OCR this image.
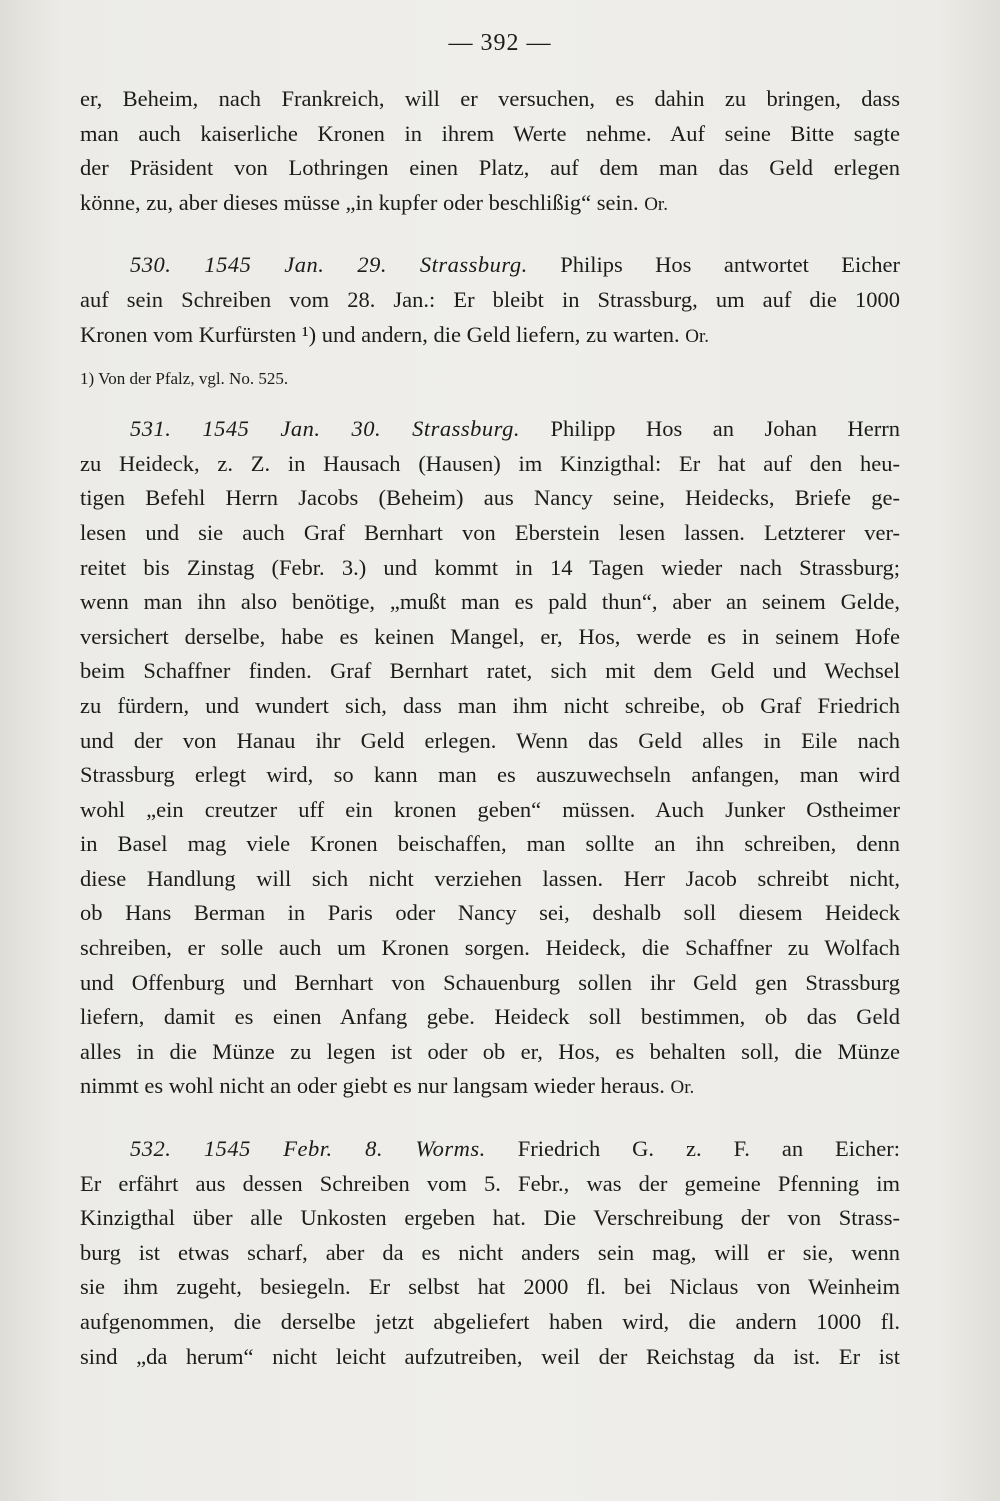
— 392 —
er, Beheim, nach Frankreich, will er versuchen, es dahin zu bringen, dass
man auch kaiserliche Kronen in ihrem Werte nehme. Auf seine Bitte sagte
der Präsident von Lothringen einen Platz, auf dem man das Geld erlegen
könne, zu, aber dieses müsse „in kupfer oder beschlißig“ sein. Or.
530. 1545 Jan. 29. Strassburg. Philips Hos antwortet Eicher
auf sein Schreiben vom 28. Jan.: Er bleibt in Strassburg, um auf die 1000
Kronen vom Kurfürsten ¹) und andern, die Geld liefern, zu warten. Or.
1) Von der Pfalz, vgl. No. 525.
531. 1545 Jan. 30. Strassburg. Philipp Hos an Johan Herrn
zu Heideck, z. Z. in Hausach (Hausen) im Kinzigthal: Er hat auf den heu-
tigen Befehl Herrn Jacobs (Beheim) aus Nancy seine, Heidecks, Briefe ge-
lesen und sie auch Graf Bernhart von Eberstein lesen lassen. Letzterer ver-
reitet bis Zinstag (Febr. 3.) und kommt in 14 Tagen wieder nach Strassburg;
wenn man ihn also benötige, „mußt man es pald thun“, aber an seinem Gelde,
versichert derselbe, habe es keinen Mangel, er, Hos, werde es in seinem Hofe
beim Schaffner finden. Graf Bernhart ratet, sich mit dem Geld und Wechsel
zu fürdern, und wundert sich, dass man ihm nicht schreibe, ob Graf Friedrich
und der von Hanau ihr Geld erlegen. Wenn das Geld alles in Eile nach
Strassburg erlegt wird, so kann man es auszuwechseln anfangen, man wird
wohl „ein creutzer uff ein kronen geben“ müssen. Auch Junker Ostheimer
in Basel mag viele Kronen beischaffen, man sollte an ihn schreiben, denn
diese Handlung will sich nicht verziehen lassen. Herr Jacob schreibt nicht,
ob Hans Berman in Paris oder Nancy sei, deshalb soll diesem Heideck
schreiben, er solle auch um Kronen sorgen. Heideck, die Schaffner zu Wolfach
und Offenburg und Bernhart von Schauenburg sollen ihr Geld gen Strassburg
liefern, damit es einen Anfang gebe. Heideck soll bestimmen, ob das Geld
alles in die Münze zu legen ist oder ob er, Hos, es behalten soll, die Münze
nimmt es wohl nicht an oder giebt es nur langsam wieder heraus. Or.
532. 1545 Febr. 8. Worms. Friedrich G. z. F. an Eicher:
Er erfährt aus dessen Schreiben vom 5. Febr., was der gemeine Pfenning im
Kinzigthal über alle Unkosten ergeben hat. Die Verschreibung der von Strass-
burg ist etwas scharf, aber da es nicht anders sein mag, will er sie, wenn
sie ihm zugeht, besiegeln. Er selbst hat 2000 fl. bei Niclaus von Weinheim
aufgenommen, die derselbe jetzt abgeliefert haben wird, die andern 1000 fl.
sind „da herum“ nicht leicht aufzutreiben, weil der Reichstag da ist. Er ist
